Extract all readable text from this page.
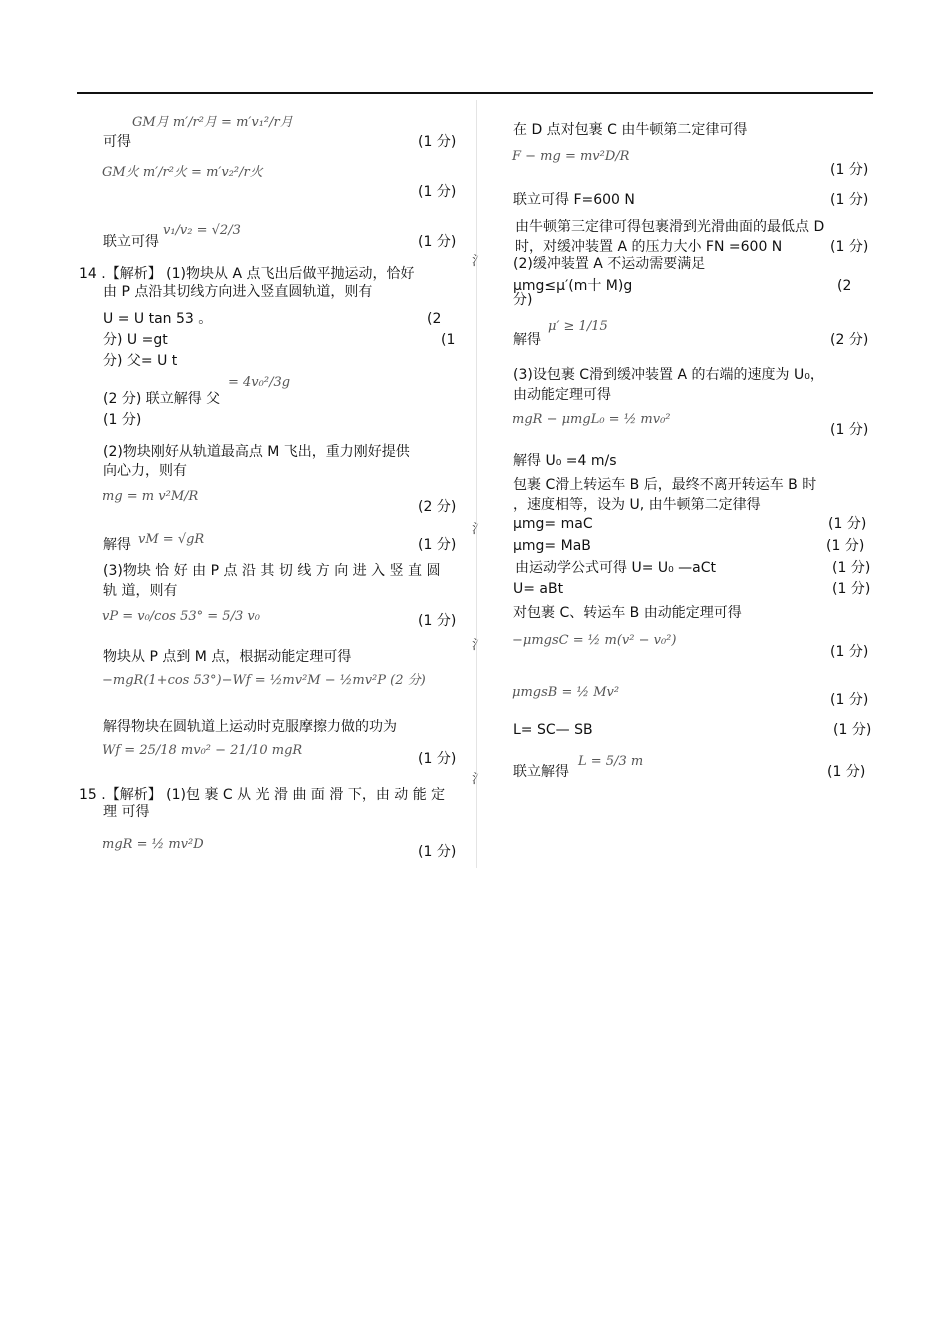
GM月 m′/r²月 = m′v₁²/r月
可得	(1 分)
GM火 m′/r²火 = m′v₂²/r火
(1 分)
联立可得
v₁/v₂ = √2/3
(1 分)
14 .【解析】 (1)物块从 A 点飞出后做平抛运动，恰好
由 P 点沿其切线方向进入竖直圆轨道，则有
U = U tan 53 。	(2
分) U =gt	(1
分) 父= U t
(2 分) 联立解得 父
= 4v₀²/3g
(1 分)
(2)物块刚好从轨道最高点 M 飞出，重力刚好提供
向心力，则有
mg = m v²M/R
(2 分)
解得 vM = √gR	(1 分)
(3)物块 恰 好 由 P 点 沿 其 切 线 方 向 进 入 竖 直 圆
轨 道，则有
vP = v₀/cos 53° = 5/3 v₀	(1 分)
物块从 P 点到 M 点，根据动能定理可得
−mgR(1+cos 53°)−Wf = ½mv²M − ½mv²P (2 分)
解得物块在圆轨道上运动时克服摩擦力做的功为
Wf = 25/18 mv₀² − 21/10 mgR
(1 分)
15 .【解析】 (1)包 裹 C 从 光 滑 曲 面 滑 下，由 动 能 定
理 可得
mgR = ½ mv²D	(1 分)
氵
氵
氵
氵
在 D 点对包裹 C 由牛顿第二定律可得
F − mg = mv²D/R
(1 分)
联立可得 F=600 N	(1 分)
由牛顿第三定律可得包裹滑到光滑曲面的最低点 D
时，对缓冲装置 A 的压力大小 FN =600 N	(1 分)
(2)缓冲装置 A 不运动需要满足
μmg≤μ′(m十 M)g	(2
分)
解得
μ′ ≥ 1/15
(2 分)
(3)设包裹 C滑到缓冲装置 A 的右端的速度为 U₀，
由动能定理可得
mgR − μmgL₀ = ½ mv₀²
(1 分)
解得 U₀ =4 m/s
包裹 C滑上转运车 B 后，最终不离开转运车 B 时
，速度相等，设为 U, 由牛顿第二定律得
μmg= maC	(1 分)
μmg= MaB	(1 分)
由运动学公式可得 U= U₀ —aCt	(1 分)
U= aBt	(1 分)
对包裹 C、转运车 B 由动能定理可得
−μmgsC = ½ m(v² − v₀²)
(1 分)
μmgsB = ½ Mv²	(1 分)
L= SC— SB	(1 分)
联立解得
L = 5/3 m
(1 分)
